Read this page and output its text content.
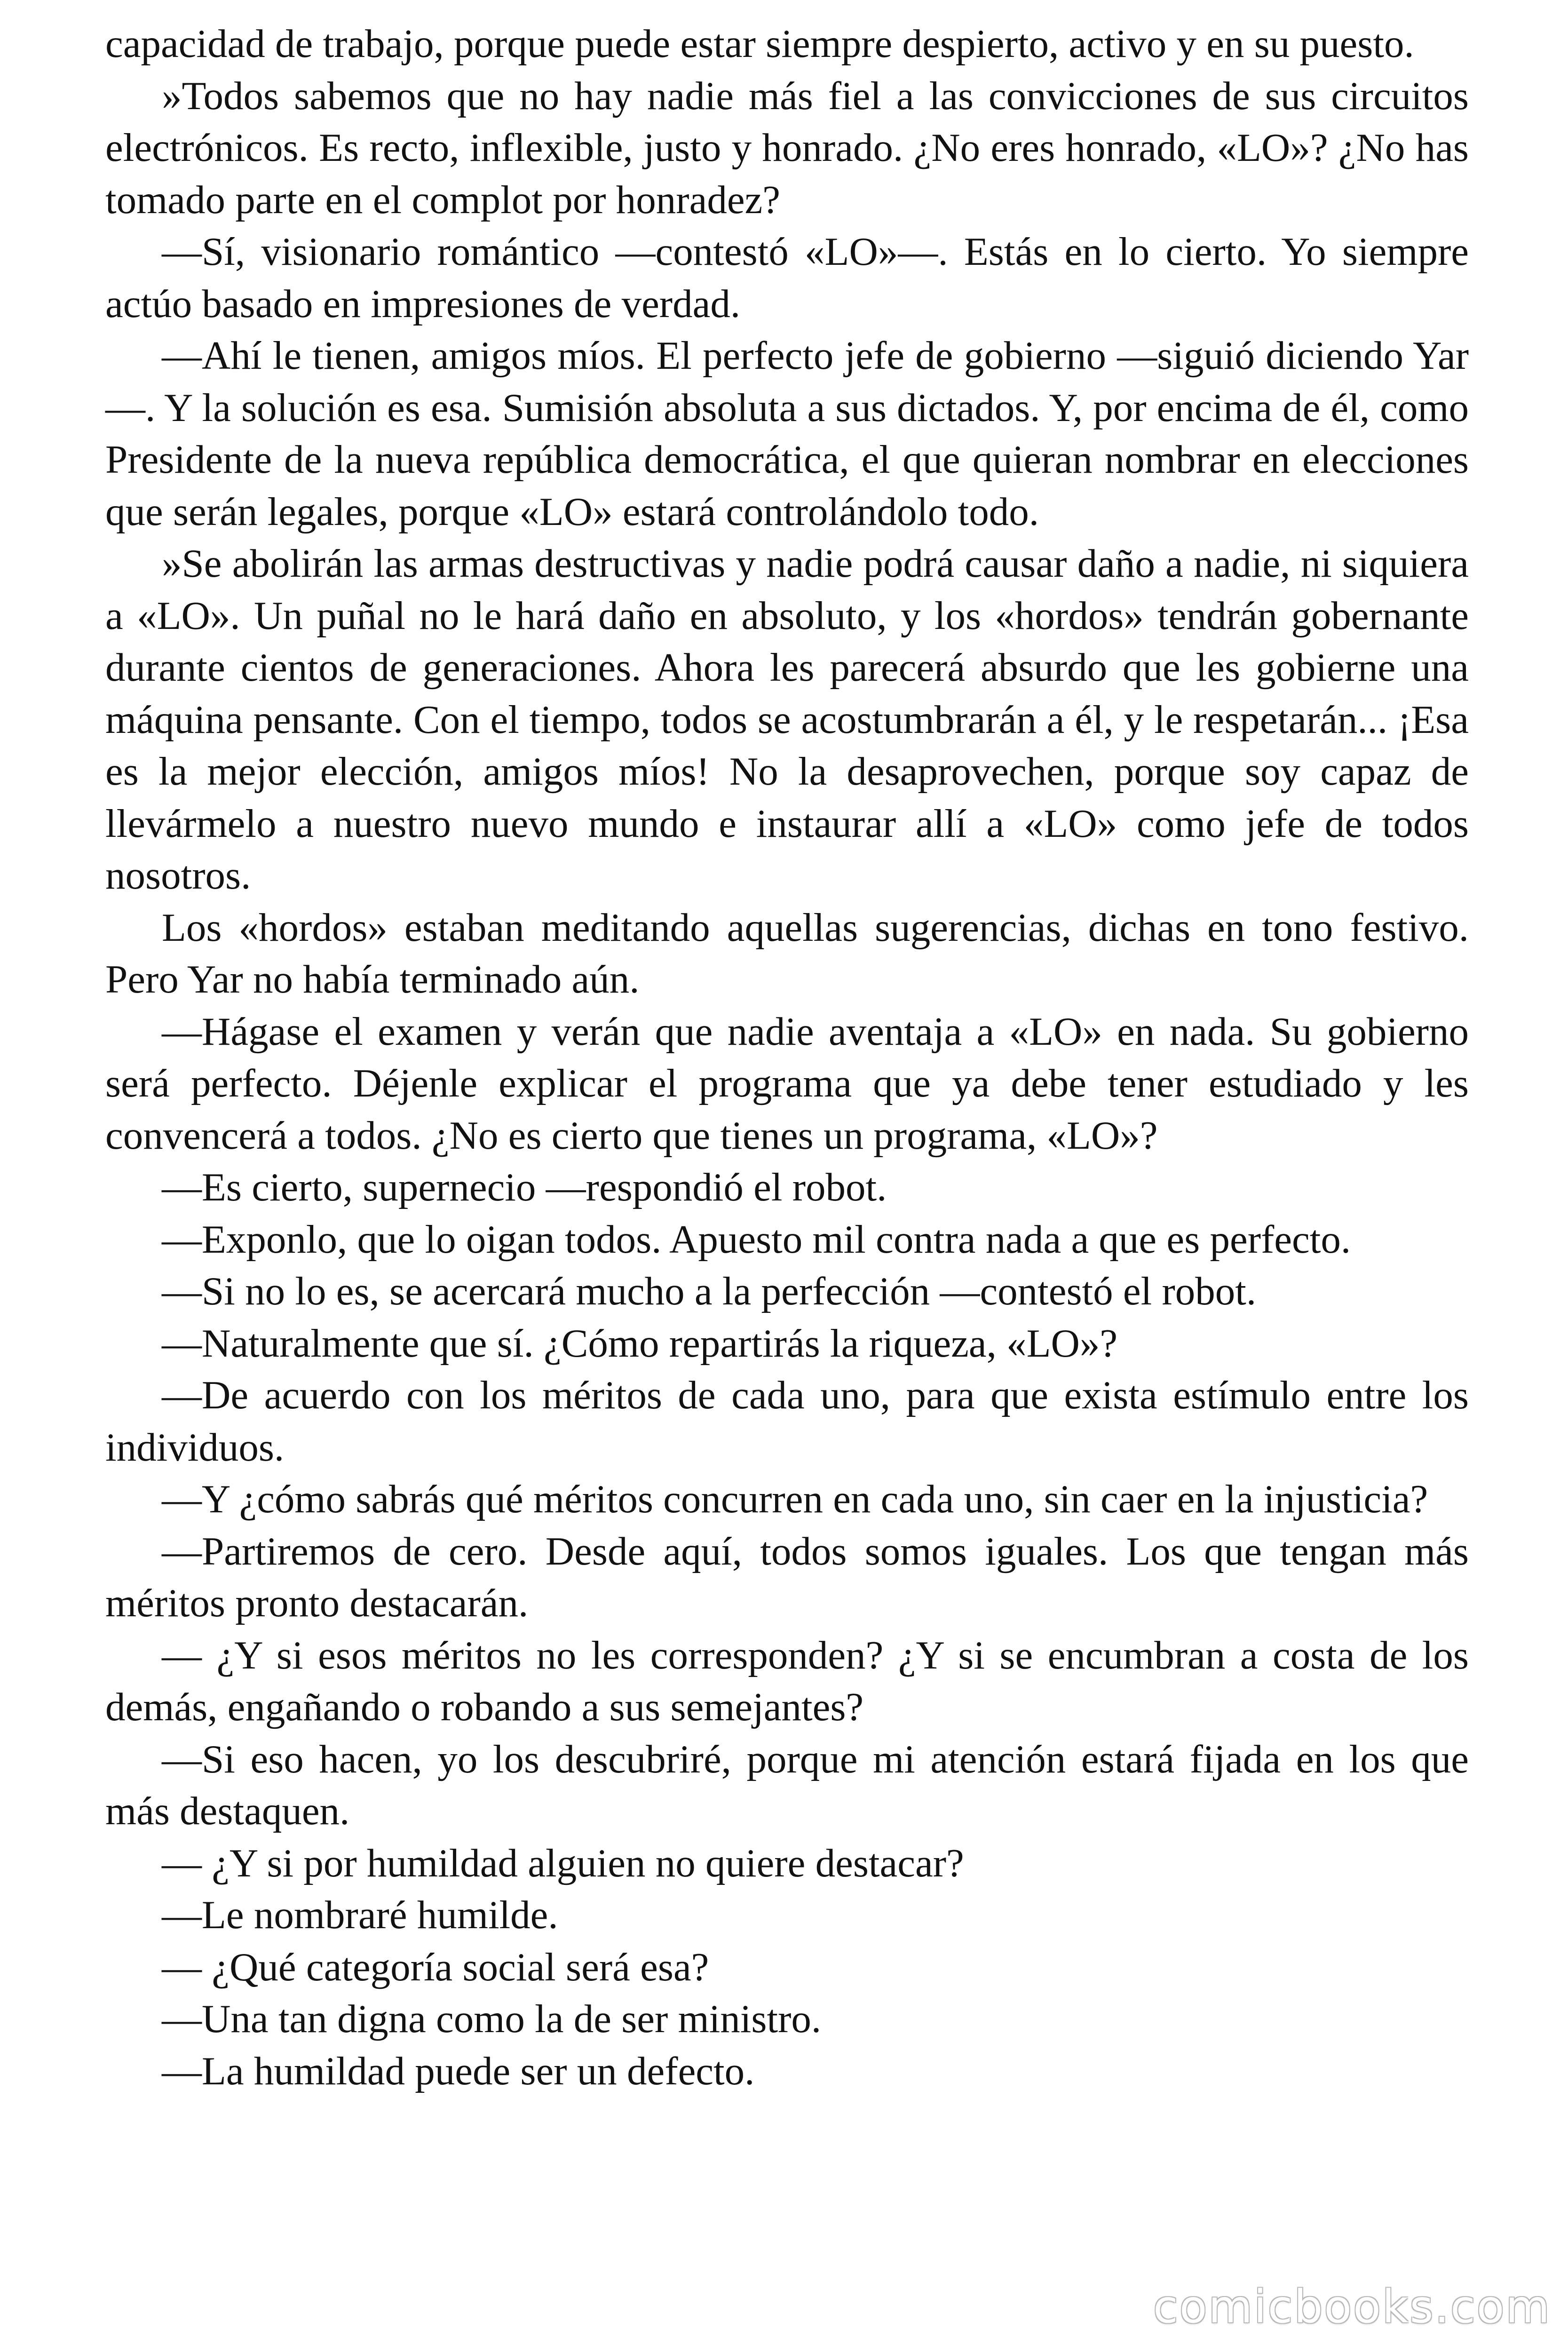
capacidad de trabajo, porque puede estar siempre despierto, activo y en su puesto.

»Todos sabemos que no hay nadie más fiel a las convicciones de sus circuitos electrónicos. Es recto, inflexible, justo y honrado. ¿No eres honrado, «LO»? ¿No has tomado parte en el complot por honradez?

—Sí, visionario romántico —contestó «LO»—. Estás en lo cierto. Yo siempre actúo basado en impresiones de verdad.

—Ahí le tienen, amigos míos. El perfecto jefe de gobierno —siguió diciendo Yar—. Y la solución es esa. Sumisión absoluta a sus dictados. Y, por encima de él, como Presidente de la nueva república democrática, el que quieran nombrar en elecciones que serán legales, porque «LO» estará controlándolo todo.

»Se abolirán las armas destructivas y nadie podrá causar daño a nadie, ni siquiera a «LO». Un puñal no le hará daño en absoluto, y los «hordos» tendrán gobernante durante cientos de generaciones. Ahora les parecerá absurdo que les gobierne una máquina pensante. Con el tiempo, todos se acostumbrarán a él, y le respetarán... ¡Esa es la mejor elección, amigos míos! No la desaprovechen, porque soy capaz de llevármelo a nuestro nuevo mundo e instaurar allí a «LO» como jefe de todos nosotros.

Los «hordos» estaban meditando aquellas sugerencias, dichas en tono festivo. Pero Yar no había terminado aún.

—Hágase el examen y verán que nadie aventaja a «LO» en nada. Su gobierno será perfecto. Déjenle explicar el programa que ya debe tener estudiado y les convencerá a todos. ¿No es cierto que tienes un programa, «LO»?

—Es cierto, supernecio —respondió el robot.

—Exponlo, que lo oigan todos. Apuesto mil contra nada a que es perfecto.

—Si no lo es, se acercará mucho a la perfección —contestó el robot.

—Naturalmente que sí. ¿Cómo repartirás la riqueza, «LO»?

—De acuerdo con los méritos de cada uno, para que exista estímulo entre los individuos.

—Y ¿cómo sabrás qué méritos concurren en cada uno, sin caer en la injusticia?

—Partiremos de cero. Desde aquí, todos somos iguales. Los que tengan más méritos pronto destacarán.

— ¿Y si esos méritos no les corresponden? ¿Y si se encumbran a costa de los demás, engañando o robando a sus semejantes?

—Si eso hacen, yo los descubriré, porque mi atención estará fijada en los que más destaquen.

— ¿Y si por humildad alguien no quiere destacar?

—Le nombraré humilde.

— ¿Qué categoría social será esa?

—Una tan digna como la de ser ministro.

—La humildad puede ser un defecto.

comicbooks.com
